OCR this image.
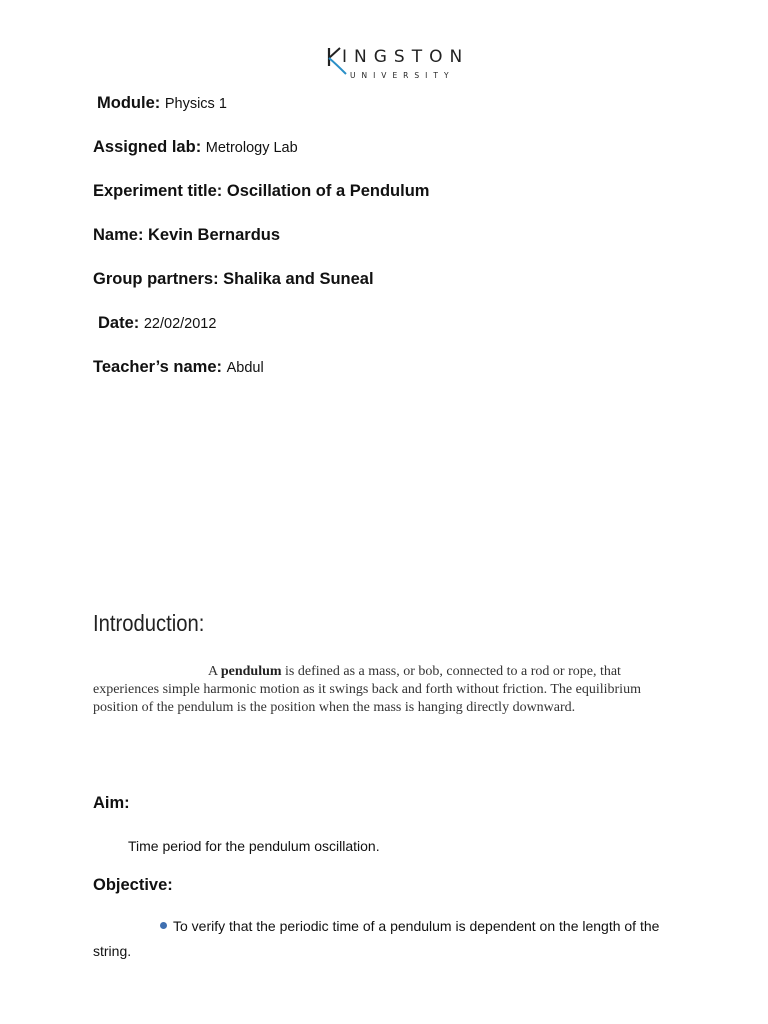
INGSTON
UNIVERSITY
Module: Physics 1
Assigned lab: Metrology Lab
Experiment title: Oscillation of a Pendulum
Name: Kevin Bernardus
Group partners: Shalika and Suneal
Date: 22/02/2012
Teacher’s name: Abdul
Introduction:
A pendulum is defined as a mass, or bob, connected to a rod or rope, that experiences simple harmonic motion as it swings back and forth without friction. The equilibrium position of the pendulum is the position when the mass is hanging directly downward.
Aim:
Time period for the pendulum oscillation.
Objective:
To verify that the periodic time of a pendulum is dependent on the length of the
string.
